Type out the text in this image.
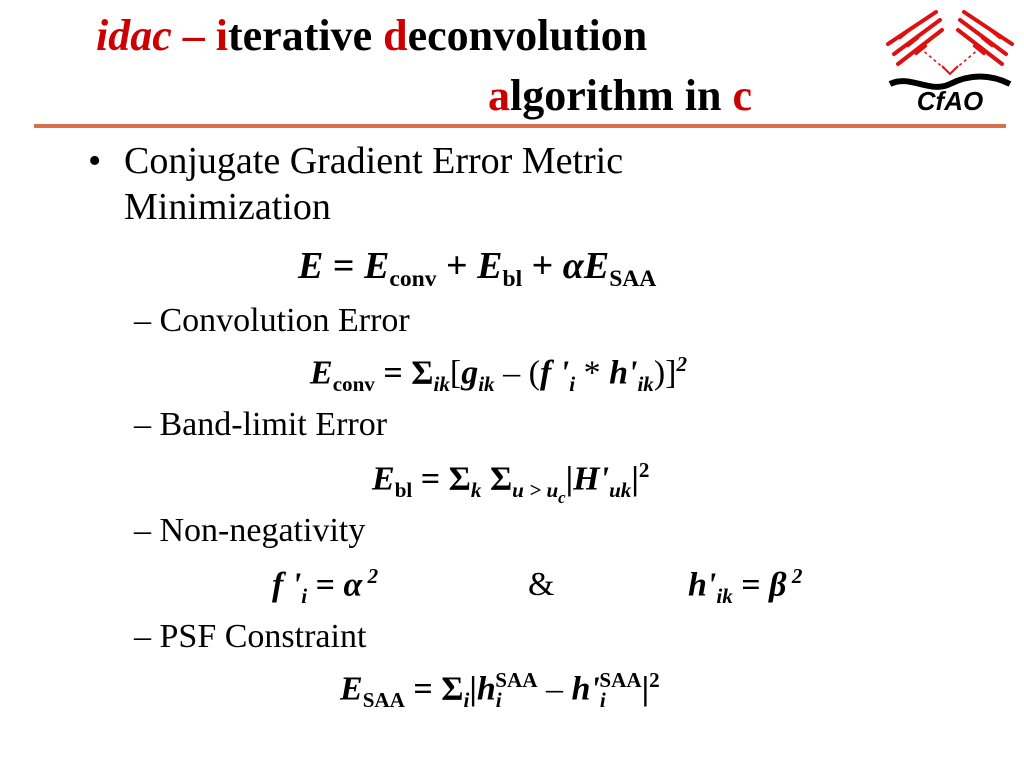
idac – iterative deconvolution
algorithm in c	CfAO
• Conjugate Gradient Error Metric Minimization
$E = E_{conv} + E_{bl} + \alpha E_{SAA}$
– Convolution Error
$E_{conv} = \Sigma_{ik}[g_{ik} - (f$ '$_i * h'_{ik})]^2$
– Band-limit Error
$E_{bl} = \Sigma_k$ $\Sigma_{u > u_c}|H'_{uk}|^2$
– Non-negativity
f '$_i = \alpha$ $^2$	&	$h'_{ik} = \beta$ $^2$
– PSF Constraint
$E_{SAA} = \Sigma_i|h_i^{SAA} - h'_i^{SAA}|^2$
